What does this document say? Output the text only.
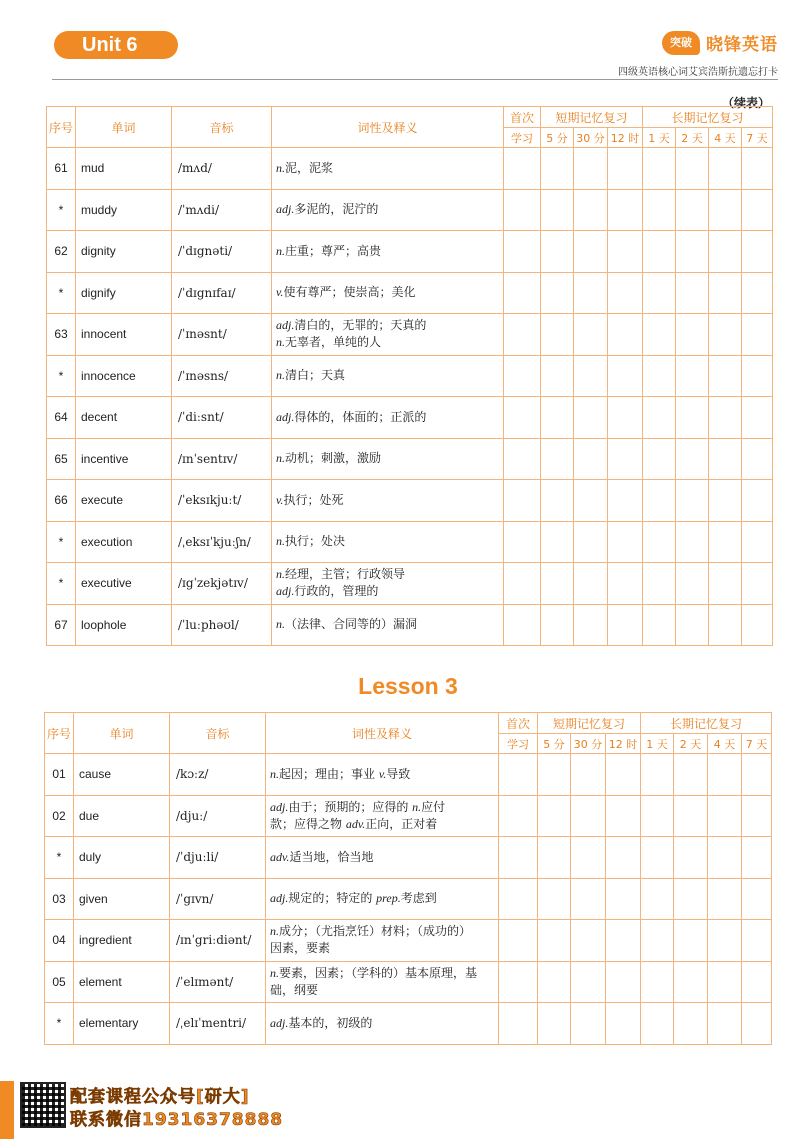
Unit 6	突破 晓锋英语
四级英语核心词艾宾浩斯抗遗忘打卡
（续表）
序号	单词	音标	词性及释义	首次	短期记忆复习			长期记忆复习			
				学习	5 分	30 分	12 时	1 天	2 天	4 天	7 天
61	mud	/mʌd/	n.泥，泥浆								

*	muddy	/ˈmʌdi/	adj.多泥的，泥泞的								

62	dignity	/ˈdɪgnəti/	n.庄重；尊严；高贵								

*	dignify	/ˈdɪgnɪfaɪ/	v.使有尊严；使崇高；美化								

63	innocent	/ˈɪnəsnt/	adj.清白的，无罪的；天真的
n.无辜者，单纯的人								

*	innocence	/ˈɪnəsns/	n.清白；天真								

64	decent	/ˈdiːsnt/	adj.得体的，体面的；正派的								

65	incentive	/ɪnˈsentɪv/	n.动机；刺激，激励								

66	execute	/ˈeksɪkjuːt/	v.执行；处死								

*	execution	/ˌeksɪˈkjuːʃn/	n.执行；处决								

*	executive	/ɪgˈzekjətɪv/	n.经理，主管；行政领导
adj.行政的，管理的								

67	loophole	/ˈluːphəʊl/	n.（法律、合同等的）漏洞								

Lesson 3
序号	单词	音标	词性及释义	首次	短期记忆复习			长期记忆复习			
				学习	5 分	30 分	12 时	1 天	2 天	4 天	7 天
01	cause	/kɔːz/	n.起因；理由；事业 v.导致								

02	due	/djuː/	adj.由于；预期的；应得的 n.应付
款；应得之物 adv.正向，正对着								

*	duly	/ˈdjuːli/	adv.适当地，恰当地								

03	given	/ˈgɪvn/	adj.规定的；特定的 prep.考虑到								

04	ingredient	/ɪnˈgriːdiənt/	n.成分；（尤指烹饪）材料；（成功的）
因素，要素								

05	element	/ˈelɪmənt/	n.要素，因素；（学科的）基本原理，基
础，纲要								

*	elementary	/ˌelɪˈmentri/	adj.基本的，初级的								

配套课程公众号[研大]
联系微信19316378888
